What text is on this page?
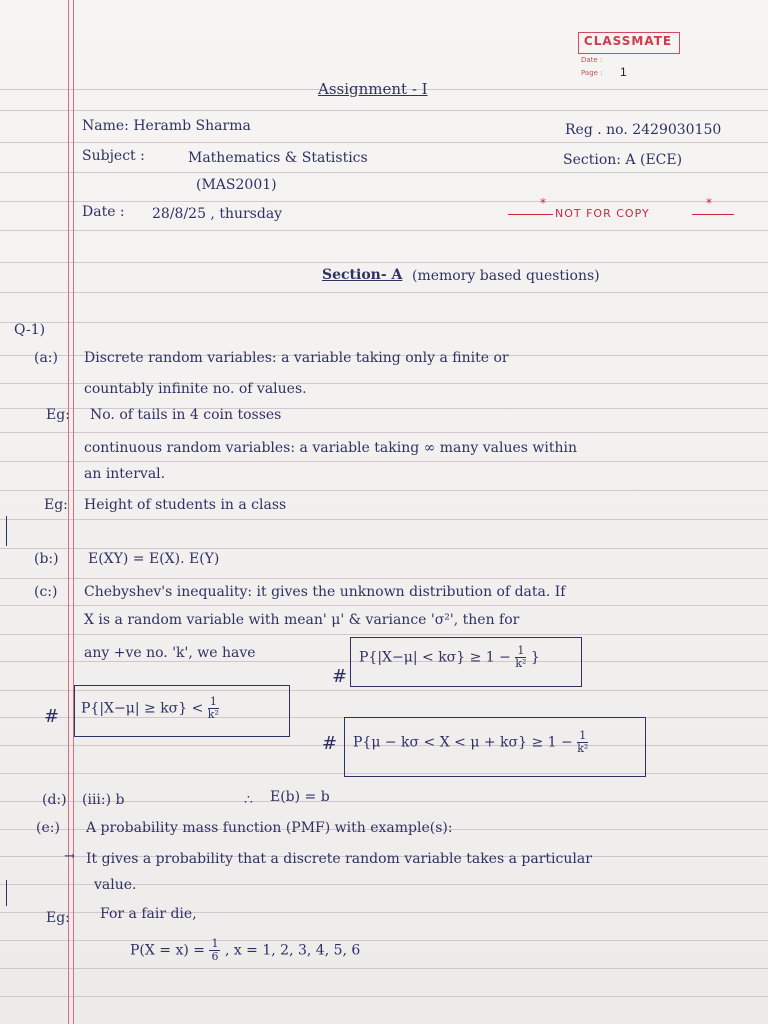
CLASSMATE
Date :
Page : 1
Assignment - I
Name: Heramb Sharma
Subject :	Mathematics & Statistics
(MAS2001)
Date : 28/8/25 , thursday
Reg . no. 2429030150
Section: A (ECE)
NOT FOR COPY
*	*
Section- A (memory based questions)
Q-1)
(a:) Discrete random variables: a variable taking only a finite or
countably infinite no. of values.
Eg: No. of tails in 4 coin tosses
continuous random variables: a variable taking ∞ many values within
an interval.
Eg: Height of students in a class
(b:) E(XY) = E(X). E(Y)
(c:) Chebyshev's inequality: it gives the unknown distribution of data. If
X is a random variable with mean' μ' & variance 'σ²', then for
any +ve no. 'k', we have
#
$P\{|X-\mu| < k\sigma\} \ge 1 - \frac{1}{\text{k²}}$ }
# $P\{|X-\mu| \ge k\sigma\} < \frac{1}{\text{k²}}$
# $P\{\mu - k\sigma < X < \mu + k\sigma\} \ge 1 - \frac{1}{\text{k²}}$
(d:) (iii:) b	∴ E(b) = b
(e:) A probability mass function (PMF) with example(s):
→ It gives a probability that a discrete random variable takes a particular
value.
Eg: For a fair die,
$P(X = x) = \frac{1}{6}$ , x = 1, 2, 3, 4, 5, 6
